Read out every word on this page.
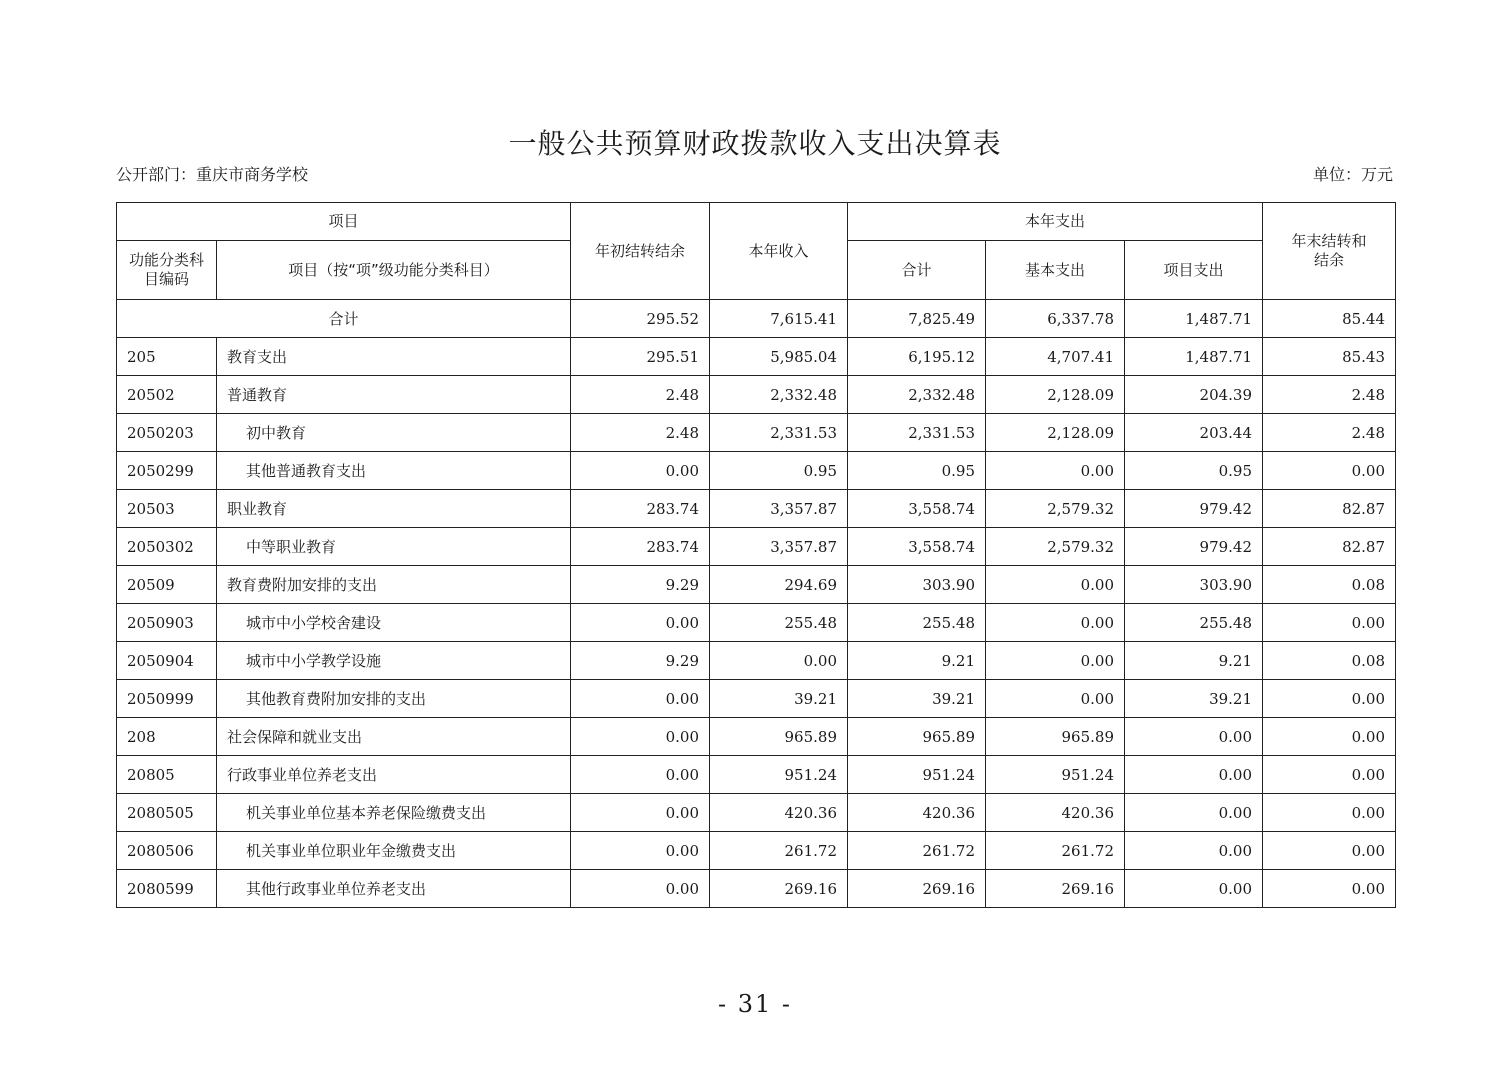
一般公共预算财政拨款收入支出决算表
公开部门：重庆市商务学校	单位：万元
项目		年初结转结余	本年收入	本年支出			年末结转和结余
功能分类科目编码	项目（按“项”级功能分类科目）			合计	基本支出	项目支出	
合计		295.52	7,615.41	7,825.49	6,337.78	1,487.71	85.44
205	教育支出	295.51	5,985.04	6,195.12	4,707.41	1,487.71	85.43
20502	普通教育	2.48	2,332.48	2,332.48	2,128.09	204.39	2.48
2050203	初中教育	2.48	2,331.53	2,331.53	2,128.09	203.44	2.48
2050299	其他普通教育支出	0.00	0.95	0.95	0.00	0.95	0.00
20503	职业教育	283.74	3,357.87	3,558.74	2,579.32	979.42	82.87
2050302	中等职业教育	283.74	3,357.87	3,558.74	2,579.32	979.42	82.87
20509	教育费附加安排的支出	9.29	294.69	303.90	0.00	303.90	0.08
2050903	城市中小学校舍建设	0.00	255.48	255.48	0.00	255.48	0.00
2050904	城市中小学教学设施	9.29	0.00	9.21	0.00	9.21	0.08
2050999	其他教育费附加安排的支出	0.00	39.21	39.21	0.00	39.21	0.00
208	社会保障和就业支出	0.00	965.89	965.89	965.89	0.00	0.00
20805	行政事业单位养老支出	0.00	951.24	951.24	951.24	0.00	0.00
2080505	机关事业单位基本养老保险缴费支出	0.00	420.36	420.36	420.36	0.00	0.00
2080506	机关事业单位职业年金缴费支出	0.00	261.72	261.72	261.72	0.00	0.00
2080599	其他行政事业单位养老支出	0.00	269.16	269.16	269.16	0.00	0.00
- 31 -
